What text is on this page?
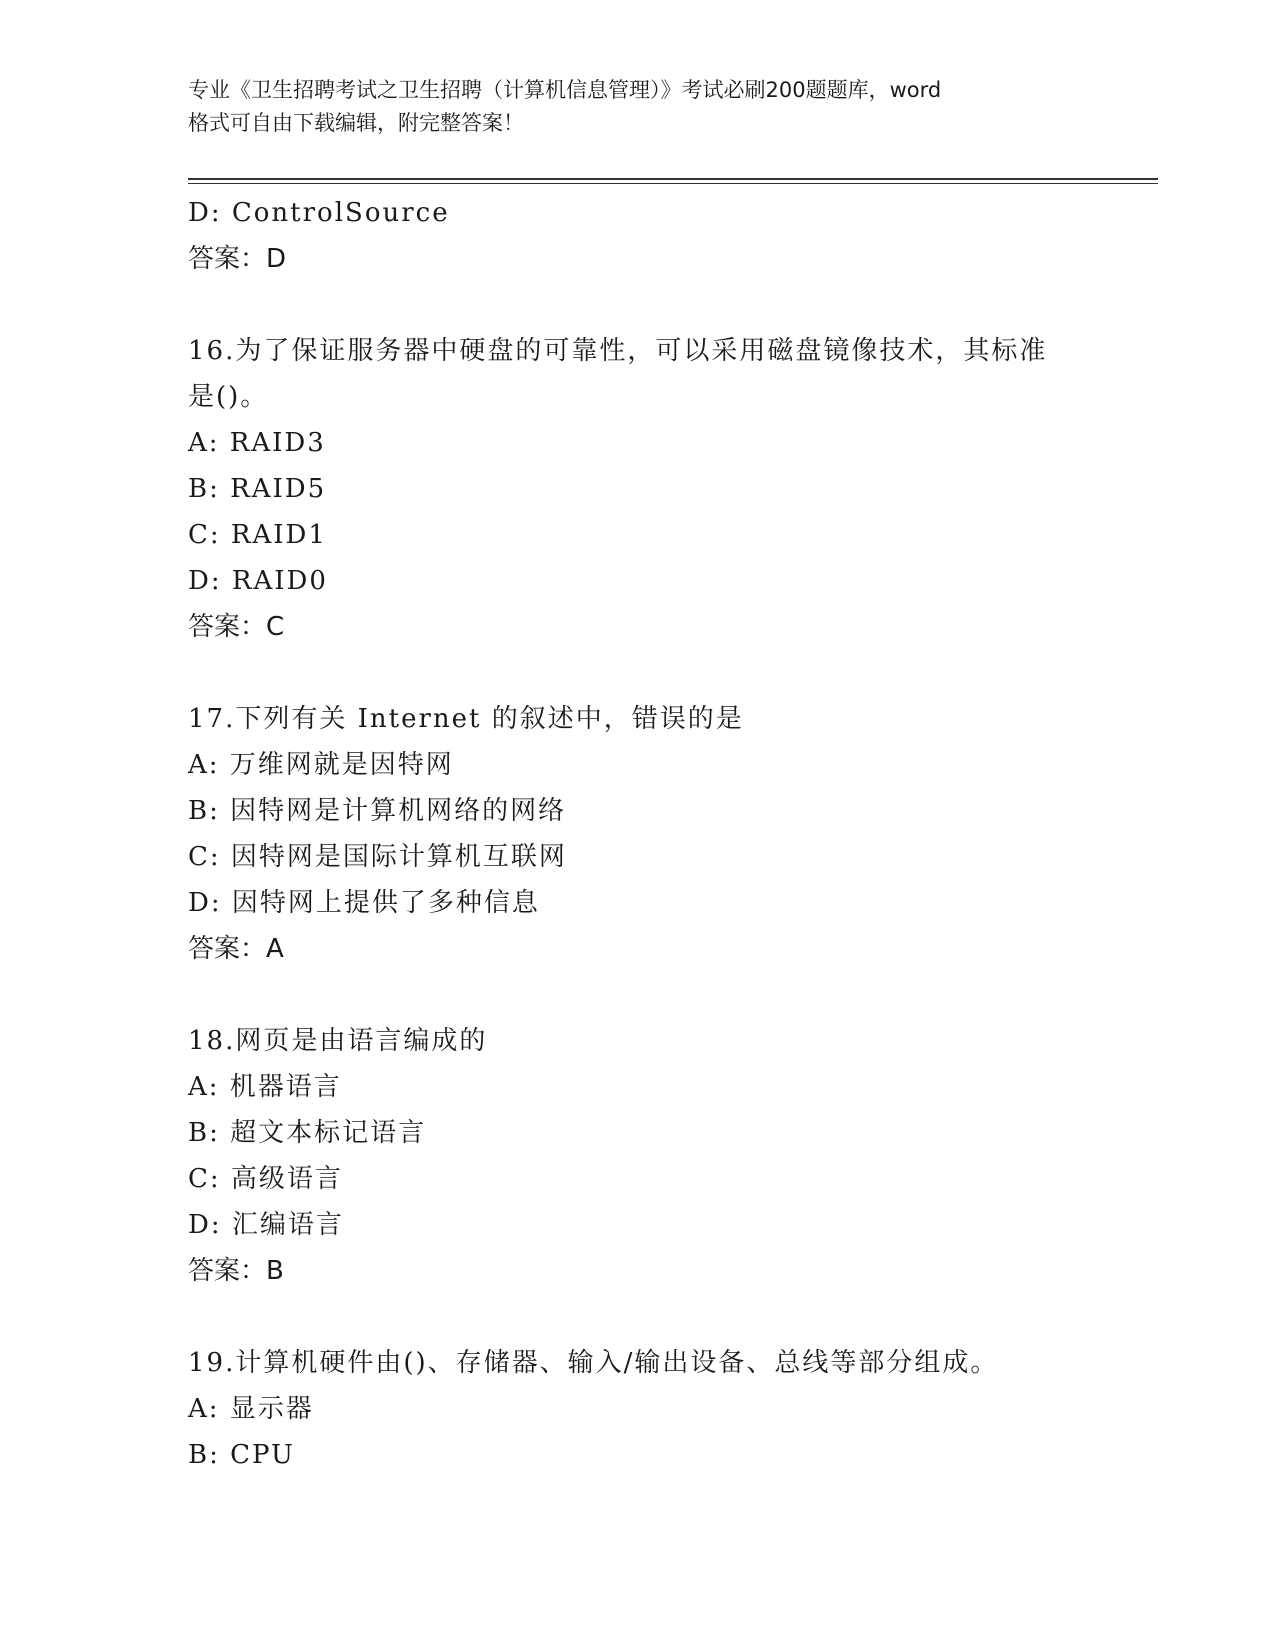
专业《卫生招聘考试之卫生招聘（计算机信息管理）》考试必刷200题题库，word
格式可自由下载编辑，附完整答案！
D: ControlSource
答案：D
16.为了保证服务器中硬盘的可靠性，可以采用磁盘镜像技术，其标准
是()。
A: RAID3
B: RAID5
C: RAID1
D: RAID0
答案：C
17.下列有关 Internet 的叙述中，错误的是
A: 万维网就是因特网
B: 因特网是计算机网络的网络
C: 因特网是国际计算机互联网
D: 因特网上提供了多种信息
答案：A
18.网页是由语言编成的
A: 机器语言
B: 超文本标记语言
C: 高级语言
D: 汇编语言
答案：B
19.计算机硬件由()、存储器、输入/输出设备、总线等部分组成。
A: 显示器
B: CPU
